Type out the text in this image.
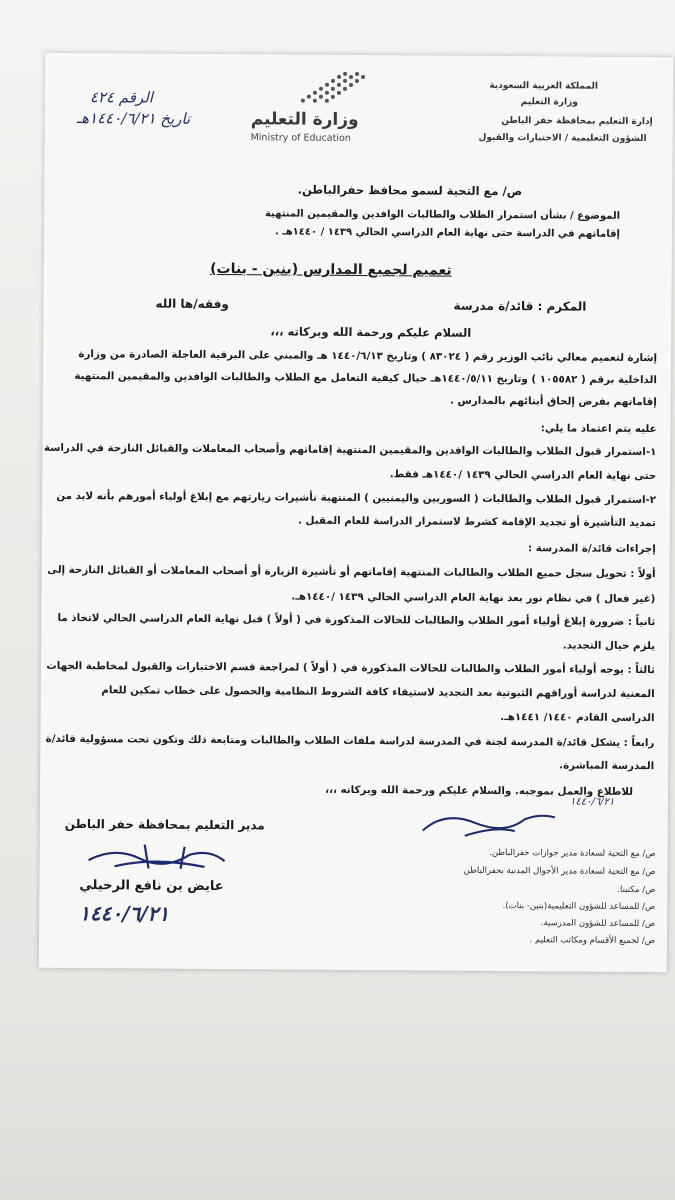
المملكة العربية السعودية
وزارة التعليم
إدارة التعليم بمحافظة حفر الباطن
الشؤون التعليمية / الاختبارات والقبول
وزارة التعليم
Ministry of Education
الرقم ٤٢٤
تاريخ ١٤٤٠/٦/٢١هـ
ص/ مع التحية لسمو محافظ حفرالباطن.
الموضوع / بشأن استمرار الطلاب والطالبات الوافدين والمقيمين المنتهية
إقاماتهم في الدراسة حتى نهاية العام الدراسي الحالي ١٤٣٩ / ١٤٤٠هـ .
تعميم لجميع المدارس (بنين - بنات)
المكرم : قائد/ة مدرسة
وفقه/ها الله
السلام عليكم ورحمة الله وبركاته ،،،
إشارة لتعميم معالي نائب الوزير رقم ( ٨٣٠٢٤ ) وتاريخ ١٤٤٠/٦/١٣ هـ والمبني على البرقية العاجلة الصادرة من وزارة
الداخلية برقم ( ١٠٥٥٨٢ ) وتاريخ ١٤٤٠/٥/١١هـ حيال كيفية التعامل مع الطلاب والطالبات الوافدين والمقيمين المنتهية
إقاماتهم بفرض إلحاق أبنائهم بالمدارس .
عليه يتم اعتماد ما يلي:
١-استمرار قبول الطلاب والطالبات الوافدين والمقيمين المنتهية إقاماتهم وأصحاب المعاملات والقبائل النازحة في الدراسة
حتى نهاية العام الدراسي الحالي ١٤٣٩ /١٤٤٠هـ فقط.
٢-استمرار قبول الطلاب والطالبات ( السوريين واليمنيين ) المنتهية تأشيرات زيارتهم مع إبلاغ أولياء أمورهم بأنه لابد من
تمديد التأشيرة أو تجديد الإقامة كشرط لاستمرار الدراسة للعام المقبل .
إجراءات قائد/ة المدرسة :
أولاً : تحويل سجل جميع الطلاب والطالبات المنتهية إقاماتهم أو تأشيرة الزيارة أو أصحاب المعاملات أو القبائل النازحة إلى
(غير فعال ) في نظام نور بعد نهاية العام الدراسي الحالي ١٤٣٩ /١٤٤٠هـ.
ثانياً : ضرورة إبلاغ أولياء أمور الطلاب والطالبات للحالات المذكورة في ( أولاً ) قبل نهاية العام الدراسي الحالي لاتخاذ ما
يلزم حيال التجديد.
ثالثاً : يوجه أولياء أمور الطلاب والطالبات للحالات المذكورة في ( أولاً ) لمراجعة قسم الاختبارات والقبول لمخاطبة الجهات
المعنية لدراسة أوراقهم الثبوتية بعد التجديد لاستيفاء كافة الشروط النظامية والحصول على خطاب تمكين للعام
الدراسي القادم ١٤٤٠/ ١٤٤١هـ.
رابعاً : يشكل قائد/ة المدرسة لجنة في المدرسة لدراسة ملفات الطلاب والطالبات ومتابعة ذلك وتكون تحت مسؤولية قائد/ة
المدرسة المباشرة.
للاطلاع والعمل بموجبه. والسلام عليكم ورحمة الله وبركاته ،،،
مدير التعليم بمحافظة حفر الباطن
عايض بن نافع الرحيلي
١٤٤٠/٦/٢١
١٤٤٠/٦/٢١
ص/ مع التحية لسعادة مدير جوازات حفرالباطن.
ص/ مع التحية لسعادة مدير الأحوال المدنية بحفرالباطن
ص/ مكتبنا.
ص/ للمساعد للشؤون التعليمية(بنين- بنات).
ص/ للمساعد للشؤون المدرسية.
ص/ لجميع الأقسام ومكاتب التعليم .
